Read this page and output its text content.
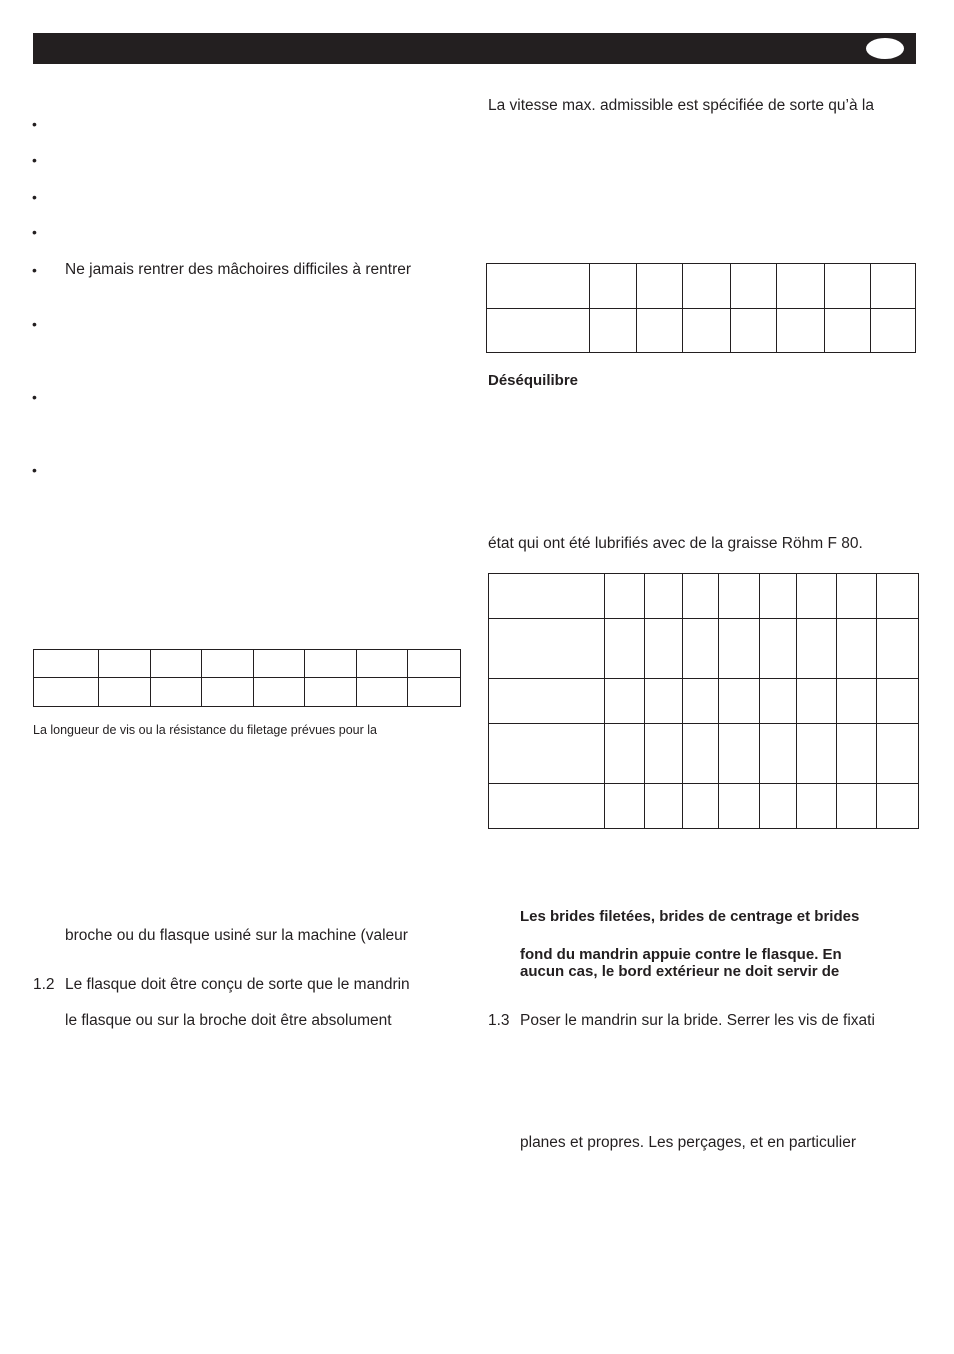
•
•
•
•
• Ne jamais rentrer des mâchoires difficiles à rentrer
•
•
•

La longueur de vis ou la résistance du filetage prévues pour la
broche ou du flasque usiné sur la machine (valeur
1.2 Le flasque doit être conçu de sorte que le mandrin
le flasque ou sur la broche doit être absolument
La vitesse max. admissible est spécifiée de sorte qu’à la

Déséquilibre
état qui ont été lubrifiés avec de la graisse Röhm F 80.

Les brides filetées, brides de centrage et brides
fond du mandrin appuie contre le flasque. En
aucun cas, le bord extérieur ne doit servir de
1.3 Poser le mandrin sur la bride. Serrer les vis de fixati
planes et propres. Les perçages, et en particulier
